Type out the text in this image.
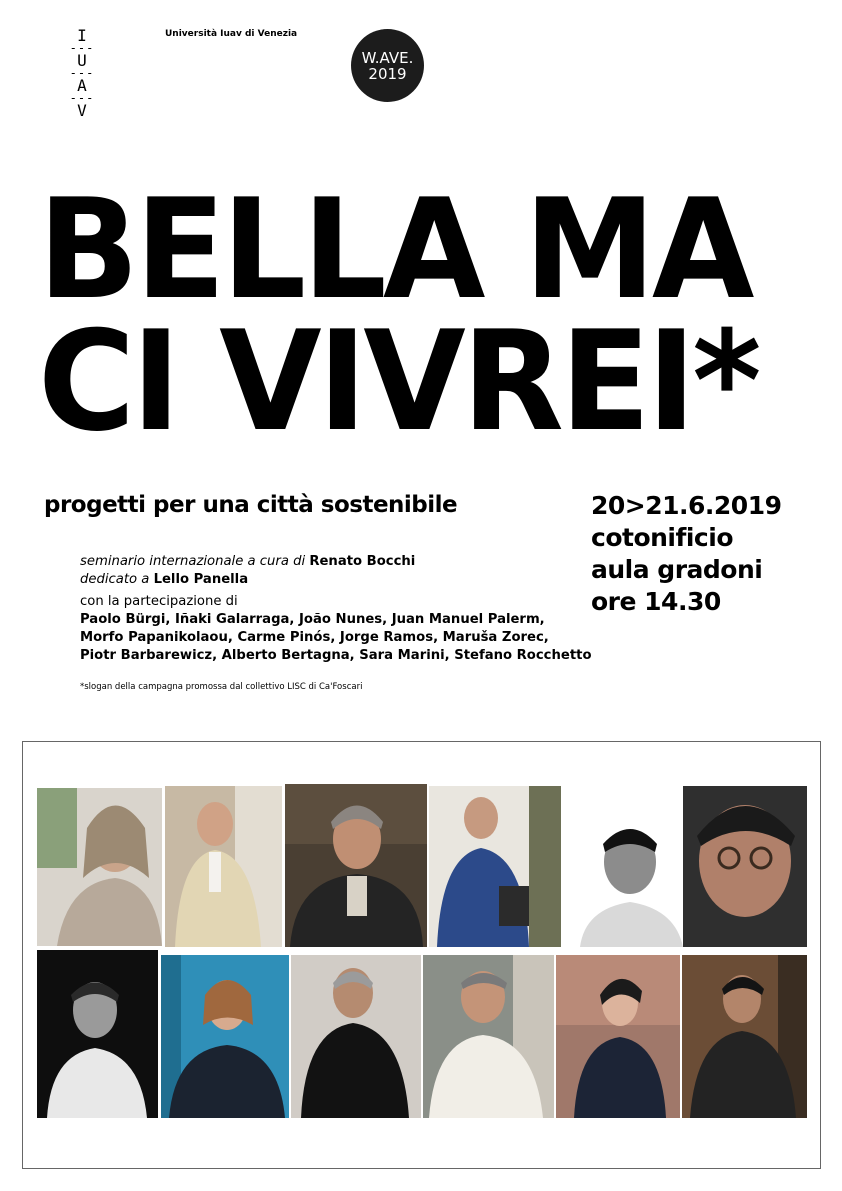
I
---
U
---
A
---
V
Università Iuav di Venezia
W.AVE.
2019
BELLA MA
CI VIVREI*
progetti per una città sostenibile	20>21.6.2019
cotonificio
aula gradoni
ore 14.30
seminario internazionale a cura di Renato Bocchi
dedicato a Lello Panella
con la partecipazione di
Paolo Bürgi, Iñaki Galarraga, João Nunes, Juan Manuel Palerm,
Morfo Papanikolaou, Carme Pinós, Jorge Ramos, Maruša Zorec,
Piotr Barbarewicz, Alberto Bertagna, Sara Marini, Stefano Rocchetto
*slogan della campagna promossa dal collettivo LISC di Ca'Foscari
